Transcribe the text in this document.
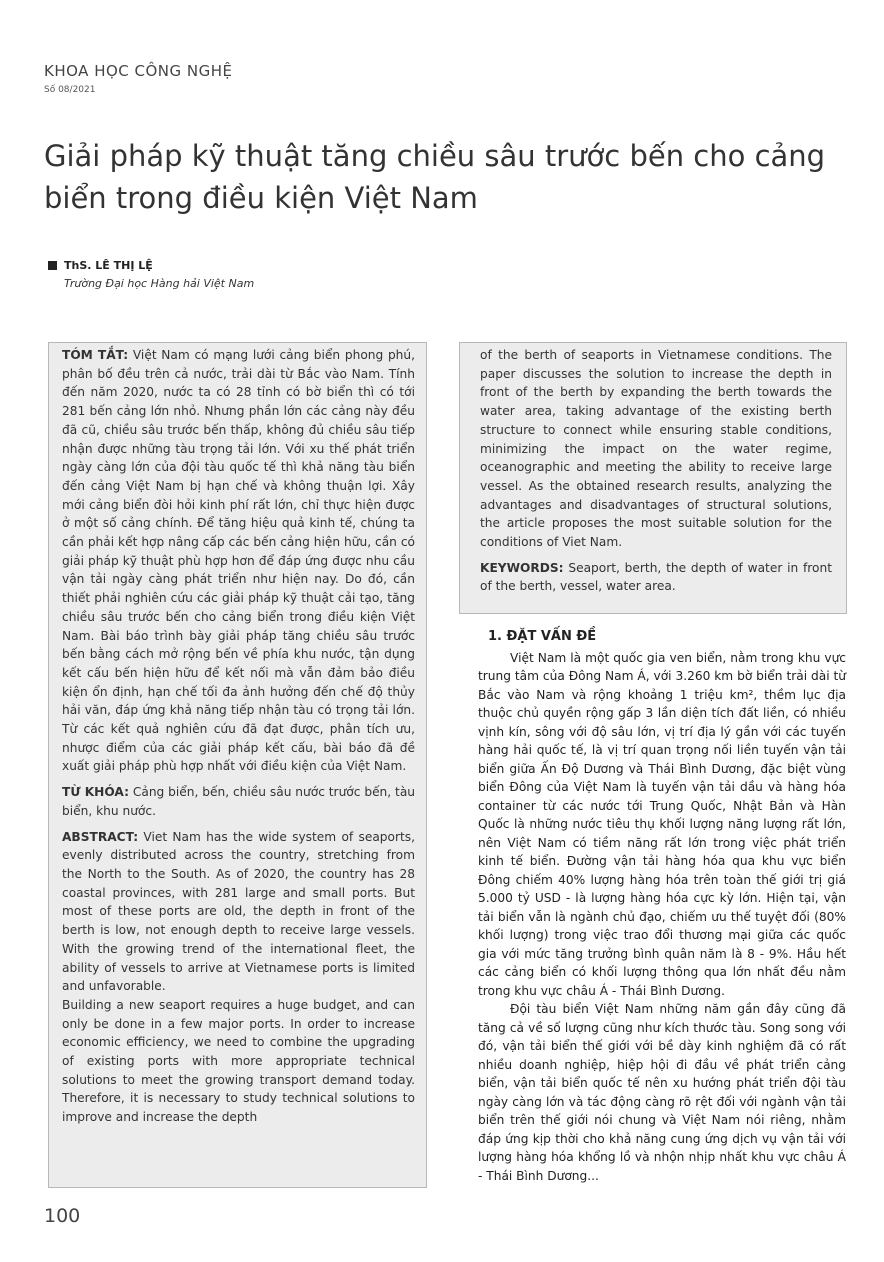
KHOA HỌC CÔNG NGHỆ
Số 08/2021
Giải pháp kỹ thuật tăng chiều sâu trước bến cho cảng biển trong điều kiện Việt Nam
ThS. LÊ THỊ LỆ
Trường Đại học Hàng hải Việt Nam

TÓM TẮT: Việt Nam có mạng lưới cảng biển phong phú, phân bố đều trên cả nước, trải dài từ Bắc vào Nam. Tính đến năm 2020, nước ta có 28 tỉnh có bờ biển thì có tới 281 bến cảng lớn nhỏ. Nhưng phần lớn các cảng này đều đã cũ, chiều sâu trước bến thấp, không đủ chiều sâu tiếp nhận được những tàu trọng tải lớn. Với xu thế phát triển ngày càng lớn của đội tàu quốc tế thì khả năng tàu biển đến cảng Việt Nam bị hạn chế và không thuận lợi. Xây mới cảng biển đòi hỏi kinh phí rất lớn, chỉ thực hiện được ở một số cảng chính. Để tăng hiệu quả kinh tế, chúng ta cần phải kết hợp nâng cấp các bến cảng hiện hữu, cần có giải pháp kỹ thuật phù hợp hơn để đáp ứng được nhu cầu vận tải ngày càng phát triển như hiện nay. Do đó, cần thiết phải nghiên cứu các giải pháp kỹ thuật cải tạo, tăng chiều sâu trước bến cho cảng biển trong điều kiện Việt Nam. Bài báo trình bày giải pháp tăng chiều sâu trước bến bằng cách mở rộng bến về phía khu nước, tận dụng kết cấu bến hiện hữu để kết nối mà vẫn đảm bảo điều kiện ổn định, hạn chế tối đa ảnh hưởng đến chế độ thủy hải văn, đáp ứng khả năng tiếp nhận tàu có trọng tải lớn. Từ các kết quả nghiên cứu đã đạt được, phân tích ưu, nhược điểm của các giải pháp kết cấu, bài báo đã đề xuất giải pháp phù hợp nhất với điều kiện của Việt Nam.

TỪ KHÓA: Cảng biển, bến, chiều sâu nước trước bến, tàu biển, khu nước.

ABSTRACT: Viet Nam has the wide system of seaports, evenly distributed across the country, stretching from the North to the South. As of 2020, the country has 28 coastal provinces, with 281 large and small ports. But most of these ports are old, the depth in front of the berth is low, not enough depth to receive large vessels. With the growing trend of the international fleet, the ability of vessels to arrive at Vietnamese ports is limited and unfavorable.

Building a new seaport requires a huge budget, and can only be done in a few major ports. In order to increase economic efficiency, we need to combine the upgrading of existing ports with more appropriate technical solutions to meet the growing transport demand today. Therefore, it is necessary to study technical solutions to improve and increase the depth

of the berth of seaports in Vietnamese conditions. The paper discusses the solution to increase the depth in front of the berth by expanding the berth towards the water area, taking advantage of the existing berth structure to connect while ensuring stable conditions, minimizing the impact on the water regime, oceanographic and meeting the ability to receive large vessel. As the obtained research results, analyzing the advantages and disadvantages of structural solutions, the article proposes the most suitable solution for the conditions of Viet Nam.

KEYWORDS: Seaport, berth, the depth of water in front of the berth, vessel, water area.

1. ĐẶT VẤN ĐỀ

Việt Nam là một quốc gia ven biển, nằm trong khu vực trung tâm của Đông Nam Á, với 3.260 km bờ biển trải dài từ Bắc vào Nam và rộng khoảng 1 triệu km², thềm lục địa thuộc chủ quyền rộng gấp 3 lần diện tích đất liền, có nhiều vịnh kín, sông với độ sâu lớn, vị trí địa lý gần với các tuyến hàng hải quốc tế, là vị trí quan trọng nối liền tuyến vận tải biển giữa Ấn Độ Dương và Thái Bình Dương, đặc biệt vùng biển Đông của Việt Nam là tuyến vận tải dầu và hàng hóa container từ các nước tới Trung Quốc, Nhật Bản và Hàn Quốc là những nước tiêu thụ khối lượng năng lượng rất lớn, nên Việt Nam có tiềm năng rất lớn trong việc phát triển kinh tế biển. Đường vận tải hàng hóa qua khu vực biển Đông chiếm 40% lượng hàng hóa trên toàn thế giới trị giá 5.000 tỷ USD - là lượng hàng hóa cực kỳ lớn. Hiện tại, vận tải biển vẫn là ngành chủ đạo, chiếm ưu thế tuyệt đối (80% khối lượng) trong việc trao đổi thương mại giữa các quốc gia với mức tăng trưởng bình quân năm là 8 - 9%. Hầu hết các cảng biển có khối lượng thông qua lớn nhất đều nằm trong khu vực châu Á - Thái Bình Dương.

Đội tàu biển Việt Nam những năm gần đây cũng đã tăng cả về số lượng cũng như kích thước tàu. Song song với đó, vận tải biển thế giới với bề dày kinh nghiệm đã có rất nhiều doanh nghiệp, hiệp hội đi đầu về phát triển cảng biển, vận tải biển quốc tế nên xu hướng phát triển đội tàu ngày càng lớn và tác động càng rõ rệt đối với ngành vận tải biển trên thế giới nói chung và Việt Nam nói riêng, nhằm đáp ứng kịp thời cho khả năng cung ứng dịch vụ vận tải với lượng hàng hóa khổng lồ và nhộn nhịp nhất khu vực châu Á - Thái Bình Dương...

100
